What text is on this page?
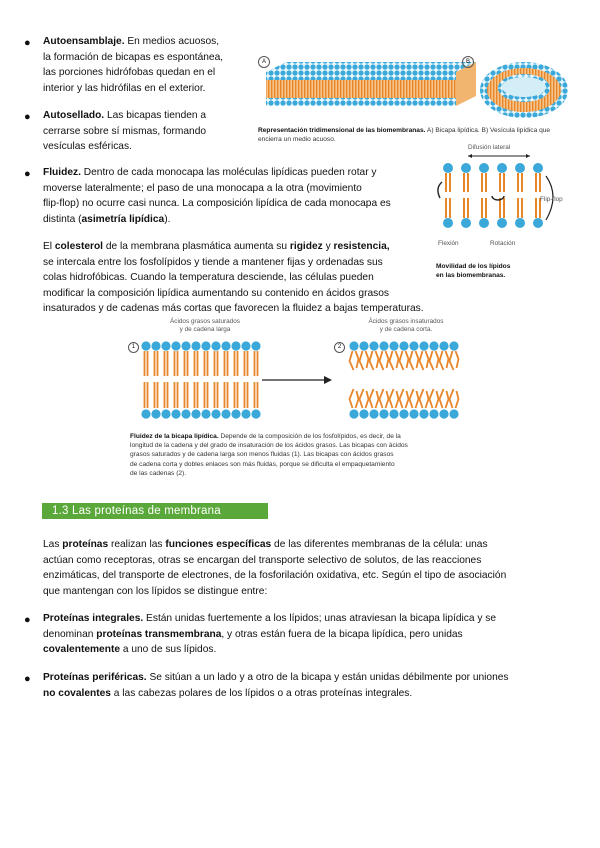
● Autoensamblaje. En medios acuosos,
la formación de bicapas es espontánea,
las porciones hidrófobas quedan en el
interior y las hidrófilas en el exterior.
● Autosellado. Las bicapas tienden a
cerrarse sobre sí mismas, formando
vesículas esféricas.
A	B
Representación tridimensional de las biomembranas. A) Bicapa lipídica. B) Vesícula lipídica que
encierra un medio acuoso.
● Fluidez. Dentro de cada monocapa las moléculas lipídicas pueden rotar y
moverse lateralmente; el paso de una monocapa a la otra (movimiento
flip-flop) no ocurre casi nunca. La composición lipídica de cada monocapa es
distinta (asimetría lipídica).
Difusión lateral
Flip-flop
Flexión	Rotación
Movilidad de los lípidos
en las biomembranas.
El colesterol de la membrana plasmática aumenta su rigidez y resistencia,
se intercala entre los fosfolípidos y tiende a mantener fijas y ordenadas sus
colas hidrofóbicas. Cuando la temperatura desciende, las células pueden
modificar la composición lipídica aumentando su contenido en ácidos grasos
insaturados y de cadenas más cortas que favorecen la fluidez a bajas temperaturas.
Ácidos grasos saturados
y de cadena larga
Ácidos grasos insaturados
y de cadena corta.
1	2
Fluidez de la bicapa lipídica. Depende de la composición de los fosfolípidos, es decir, de la
longitud de la cadena y del grado de insaturación de los ácidos grasos. Las bicapas con ácidos
grasos saturados y de cadena larga son menos fluidas (1). Las bicapas con ácidos grasos
de cadena corta y dobles enlaces son más fluidas, porque se dificulta el empaquetamiento
de las cadenas (2).
1.3 Las proteínas de membrana
Las proteínas realizan las funciones específicas de las diferentes membranas de la célula: unas
actúan como receptoras, otras se encargan del transporte selectivo de solutos, de las reacciones
enzimáticas, del transporte de electrones, de la fosforilación oxidativa, etc. Según el tipo de asociación
que mantengan con los lípidos se distingue entre:
● Proteínas integrales. Están unidas fuertemente a los lípidos; unas atraviesan la bicapa lipídica y se
denominan proteínas transmembrana, y otras están fuera de la bicapa lipídica, pero unidas
covalentemente a uno de sus lípidos.
● Proteínas periféricas. Se sitúan a un lado y a otro de la bicapa y están unidas débilmente por uniones
no covalentes a las cabezas polares de los lípidos o a otras proteínas integrales.
